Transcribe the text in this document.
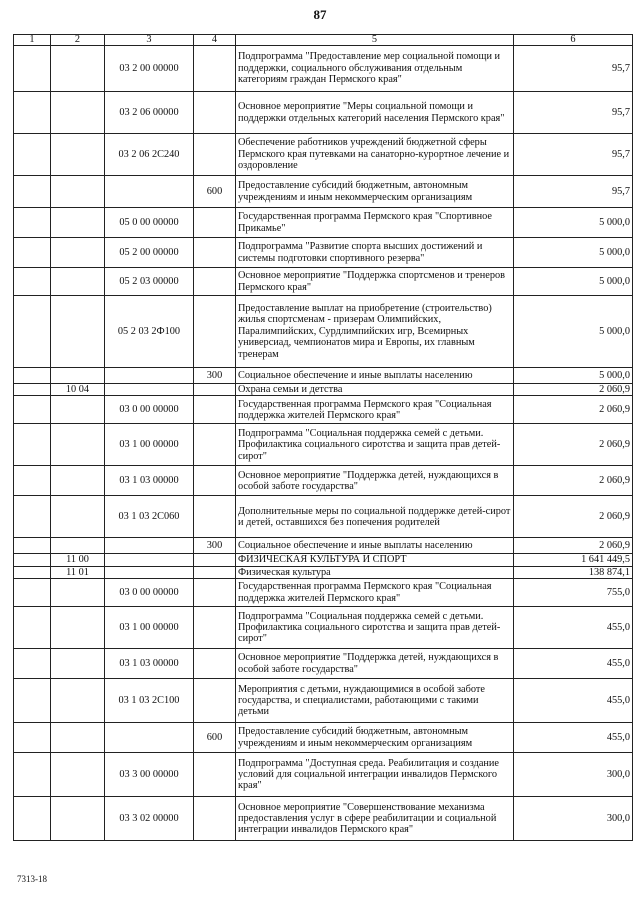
87
1	2	3	4	5	6
		03 2 00 00000		Подпрограмма "Предоставление мер социальной помощи и поддержки, социального обслуживания отдельным категориям граждан Пермского края"	95,7
		03 2 06 00000		Основное мероприятие "Меры социальной помощи и поддержки отдельных категорий населения Пермского края"	95,7
		03 2 06 2С240		Обеспечение работников учреждений бюджетной сферы Пермского края путевками на санаторно-курортное лечение и оздоровление	95,7
			600	Предоставление субсидий бюджетным, автономным учреждениям и иным некоммерческим организациям	95,7
		05 0 00 00000		Государственная программа Пермского края "Спортивное Прикамье"	5 000,0
		05 2 00 00000		Подпрограмма "Развитие спорта высших достижений и системы подготовки спортивного резерва"	5 000,0
		05 2 03 00000		Основное мероприятие "Поддержка спортсменов и тренеров Пермского края"	5 000,0
		05 2 03 2Ф100		Предоставление выплат на приобретение (строительство) жилья спортсменам - призерам Олимпийских, Паралимпийских, Сурдлимпийских игр, Всемирных универсиад, чемпионатов мира и Европы, их главным тренерам	5 000,0
			300	Социальное обеспечение и иные выплаты населению	5 000,0
	10 04			Охрана семьи и детства	2 060,9
		03 0 00 00000		Государственная программа Пермского края "Социальная поддержка жителей Пермского края"	2 060,9
		03 1 00 00000		Подпрограмма "Социальная поддержка семей с детьми. Профилактика социального сиротства и защита прав детей-сирот"	2 060,9
		03 1 03 00000		Основное мероприятие "Поддержка детей, нуждающихся в особой заботе государства"	2 060,9
		03 1 03 2С060		Дополнительные меры по социальной поддержке детей-сирот и детей, оставшихся без попечения родителей	2 060,9
			300	Социальное обеспечение и иные выплаты населению	2 060,9
	11 00			ФИЗИЧЕСКАЯ КУЛЬТУРА И СПОРТ	1 641 449,5
	11 01			Физическая культура	138 874,1
		03 0 00 00000		Государственная программа Пермского края "Социальная поддержка жителей Пермского края"	755,0
		03 1 00 00000		Подпрограмма "Социальная поддержка семей с детьми. Профилактика социального сиротства и защита прав детей-сирот"	455,0
		03 1 03 00000		Основное мероприятие "Поддержка детей, нуждающихся в особой заботе государства"	455,0
		03 1 03 2С100		Мероприятия с детьми, нуждающимися в особой заботе государства, и специалистами, работающими с такими детьми	455,0
			600	Предоставление субсидий бюджетным, автономным учреждениям и иным некоммерческим организациям	455,0
		03 3 00 00000		Подпрограмма "Доступная среда. Реабилитация и создание условий для социальной интеграции инвалидов Пермского края"	300,0
		03 3 02 00000		Основное мероприятие "Совершенствование механизма предоставления услуг в сфере реабилитации и социальной интеграции инвалидов Пермского края"	300,0
7313-18
